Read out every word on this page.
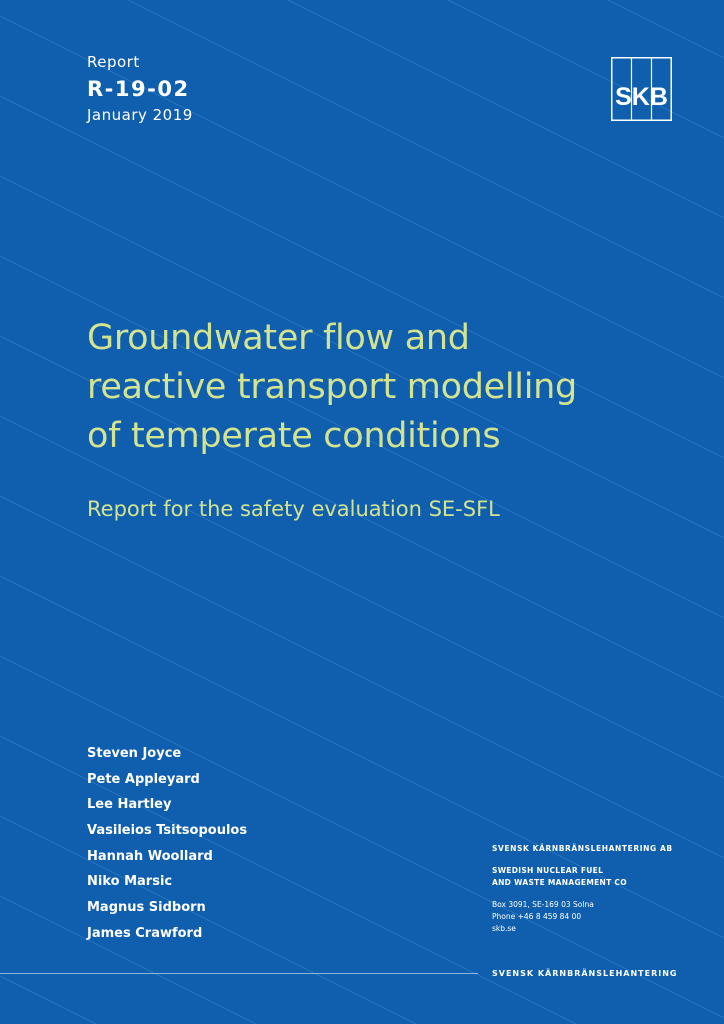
Report
R-19-02
January 2019
SKB
Groundwater flow and
reactive transport modelling
of temperate conditions
Report for the safety evaluation SE-SFL
Steven Joyce
Pete Appleyard
Lee Hartley
Vasileios Tsitsopoulos
Hannah Woollard
Niko Marsic
Magnus Sidborn
James Crawford
SVENSK KÄRNBRÄNSLEHANTERING AB
SWEDISH NUCLEAR FUEL
AND WASTE MANAGEMENT CO
Box 3091, SE-169 03 Solna
Phone +46 8 459 84 00
skb.se
SVENSK KÄRNBRÄNSLEHANTERING
